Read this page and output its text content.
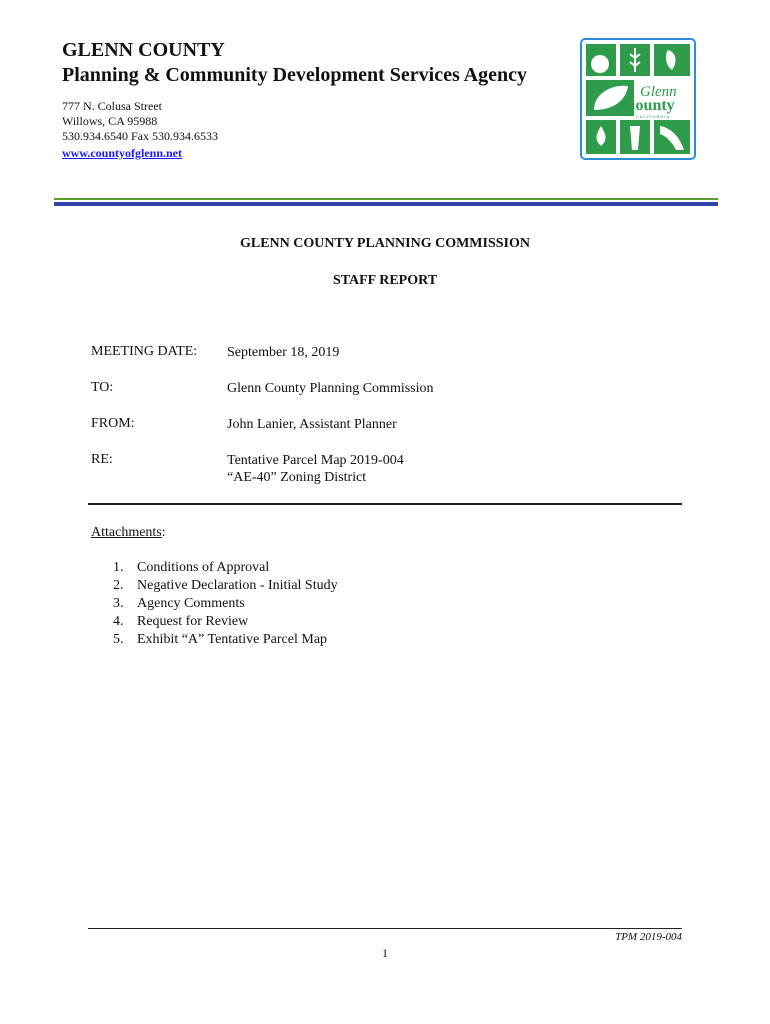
GLENN COUNTY
Planning & Community Development Services Agency
777 N. Colusa Street
Willows, CA 95988
530.934.6540 Fax 530.934.6533
www.countyofglenn.net
Glenn
County
CALIFORNIA
GLENN COUNTY PLANNING COMMISSION
STAFF REPORT
MEETING DATE: September 18, 2019
TO:	Glenn County Planning Commission
FROM:	John Lanier, Assistant Planner
RE:	Tentative Parcel Map 2019-004
“AE-40” Zoning District
Attachments:
1. Conditions of Approval
2. Negative Declaration - Initial Study
3. Agency Comments
4. Request for Review
5. Exhibit “A” Tentative Parcel Map
TPM 2019-004
1
